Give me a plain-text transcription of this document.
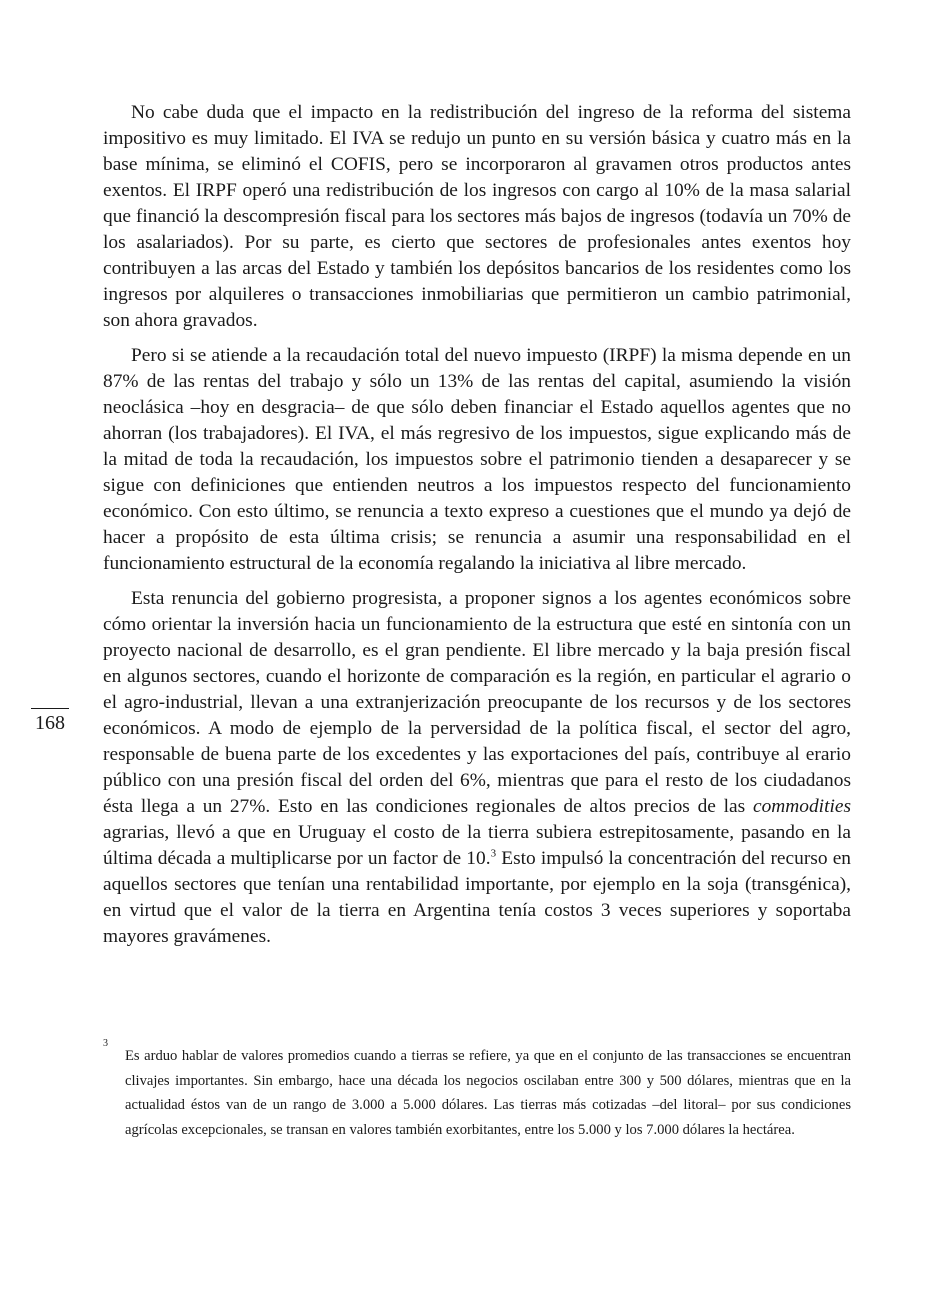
No cabe duda que el impacto en la redistribución del ingreso de la reforma del sistema impositivo es muy limitado. El IVA se redujo un punto en su versión básica y cuatro más en la base mínima, se eliminó el COFIS, pero se incorporaron al gravamen otros productos antes exentos. El IRPF operó una redistribución de los ingresos con cargo al 10% de la masa salarial que financió la descompresión fiscal para los sectores más bajos de ingresos (todavía un 70% de los asalariados). Por su parte, es cierto que sectores de profesionales antes exentos hoy contribuyen a las arcas del Estado y también los depósitos bancarios de los residentes como los ingresos por alquileres o transacciones inmobiliarias que permitieron un cambio patrimonial, son ahora gravados.

Pero si se atiende a la recaudación total del nuevo impuesto (IRPF) la misma depende en un 87% de las rentas del trabajo y sólo un 13% de las rentas del capital, asumiendo la visión neoclásica –hoy en desgracia– de que sólo deben financiar el Estado aquellos agentes que no ahorran (los trabajadores). El IVA, el más regresivo de los impuestos, sigue explicando más de la mitad de toda la recaudación, los impuestos sobre el patrimonio tienden a desaparecer y se sigue con definiciones que entienden neutros a los impuestos respecto del funcionamiento económico. Con esto último, se renuncia a texto expreso a cuestiones que el mundo ya dejó de hacer a propósito de esta última crisis; se renuncia a asumir una responsabilidad en el funcionamiento estructural de la economía regalando la iniciativa al libre mercado.

Esta renuncia del gobierno progresista, a proponer signos a los agentes económicos sobre cómo orientar la inversión hacia un funcionamiento de la estructura que esté en sintonía con un proyecto nacional de desarrollo, es el gran pendiente. El libre mercado y la baja presión fiscal en algunos sectores, cuando el horizonte de comparación es la región, en particular el agrario o el agro-industrial, llevan a una extranjerización preocupante de los recursos y de los sectores económicos. A modo de ejemplo de la perversidad de la política fiscal, el sector del agro, responsable de buena parte de los excedentes y las exportaciones del país, contribuye al erario público con una presión fiscal del orden del 6%, mientras que para el resto de los ciudadanos ésta llega a un 27%. Esto en las condiciones regionales de altos precios de las commodities agrarias, llevó a que en Uruguay el costo de la tierra subiera estrepitosamente, pasando en la última década a multiplicarse por un factor de 10.$^3$ Esto impulsó la concentración del recurso en aquellos sectores que tenían una rentabilidad importante, por ejemplo en la soja (transgénica), en virtud que el valor de la tierra en Argentina tenía costos 3 veces superiores y soportaba mayores gravámenes.

168
3
Es arduo hablar de valores promedios cuando a tierras se refiere, ya que en el conjunto de las transacciones se encuentran clivajes importantes. Sin embargo, hace una década los negocios oscilaban entre 300 y 500 dólares, mientras que en la actualidad éstos van de un rango de 3.000 a 5.000 dólares. Las tierras más cotizadas –del litoral– por sus condiciones agrícolas excepcionales, se transan en valores también exorbitantes, entre los 5.000 y los 7.000 dólares la hectárea.
